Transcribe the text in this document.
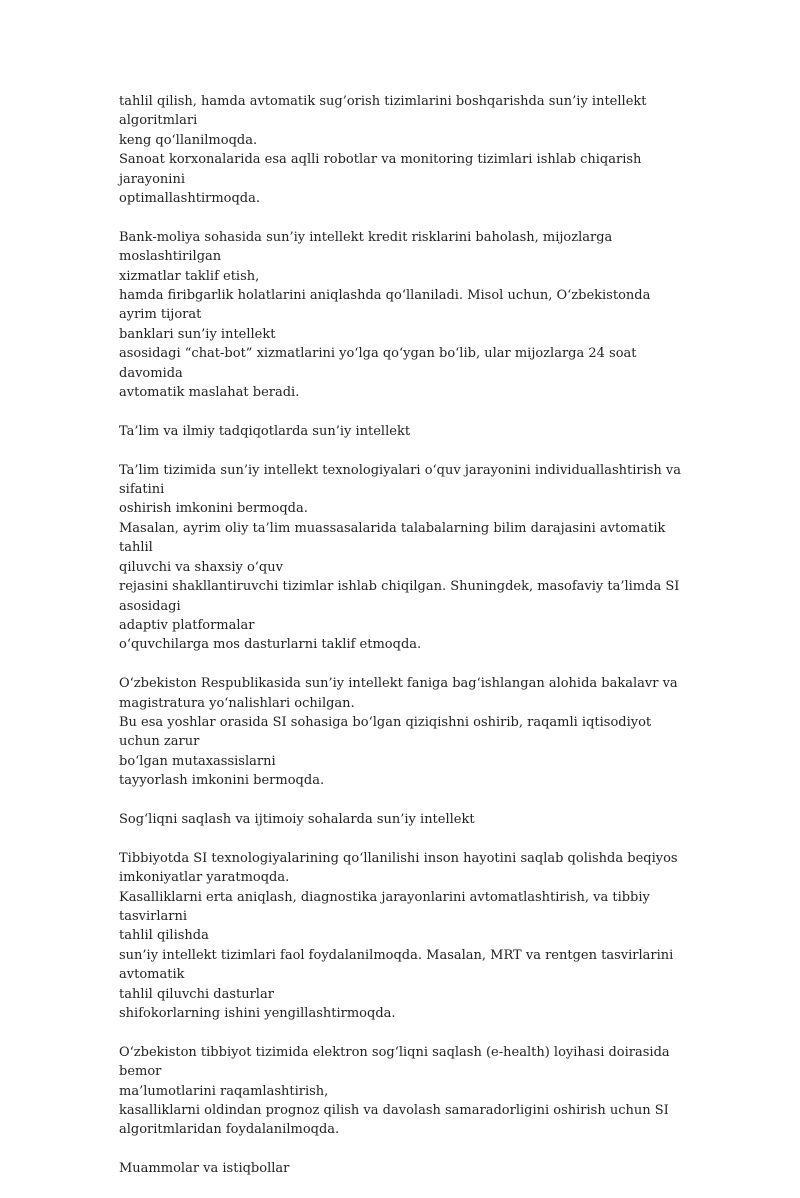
tahlil qilish, hamda avtomatik sug’orish tizimlarini boshqarishda sun’iy intellekt algoritmlari
keng qo‘llanilmoqda.
Sanoat korxonalarida esa aqlli robotlar va monitoring tizimlari ishlab chiqarish jarayonini
optimallashtirmoqda.

Bank-moliya sohasida sun’iy intellekt kredit risklarini baholash, mijozlarga moslashtirilgan
xizmatlar taklif etish,
hamda firibgarlik holatlarini aniqlashda qo‘llaniladi. Misol uchun, O‘zbekistonda ayrim tijorat
banklari sun’iy intellekt
asosidagi “chat-bot” xizmatlarini yo‘lga qo‘ygan bo‘lib, ular mijozlarga 24 soat davomida
avtomatik maslahat beradi.

Ta’lim va ilmiy tadqiqotlarda sun’iy intellekt

Ta’lim tizimida sun’iy intellekt texnologiyalari o‘quv jarayonini individuallashtirish va sifatini
oshirish imkonini bermoqda.
Masalan, ayrim oliy ta’lim muassasalarida talabalarning bilim darajasini avtomatik tahlil
qiluvchi va shaxsiy o‘quv
rejasini shakllantiruvchi tizimlar ishlab chiqilgan. Shuningdek, masofaviy ta’limda SI asosidagi
adaptiv platformalar
o‘quvchilarga mos dasturlarni taklif etmoqda.

O‘zbekiston Respublikasida sun’iy intellekt faniga bag‘ishlangan alohida bakalavr va
magistratura yo‘nalishlari ochilgan.
Bu esa yoshlar orasida SI sohasiga bo‘lgan qiziqishni oshirib, raqamli iqtisodiyot uchun zarur
bo‘lgan mutaxassislarni
tayyorlash imkonini bermoqda.

Sog‘liqni saqlash va ijtimoiy sohalarda sun’iy intellekt

Tibbiyotda SI texnologiyalarining qo‘llanilishi inson hayotini saqlab qolishda beqiyos
imkoniyatlar yaratmoqda.
Kasalliklarni erta aniqlash, diagnostika jarayonlarini avtomatlashtirish, va tibbiy tasvirlarni
tahlil qilishda
sun’iy intellekt tizimlari faol foydalanilmoqda. Masalan, MRT va rentgen tasvirlarini avtomatik
tahlil qiluvchi dasturlar
shifokorlarning ishini yengillashtirmoqda.

O‘zbekiston tibbiyot tizimida elektron sog‘liqni saqlash (e-health) loyihasi doirasida bemor
ma’lumotlarini raqamlashtirish,
kasalliklarni oldindan prognoz qilish va davolash samaradorligini oshirish uchun SI
algoritmlaridan foydalanilmoqda.

Muammolar va istiqbollar
